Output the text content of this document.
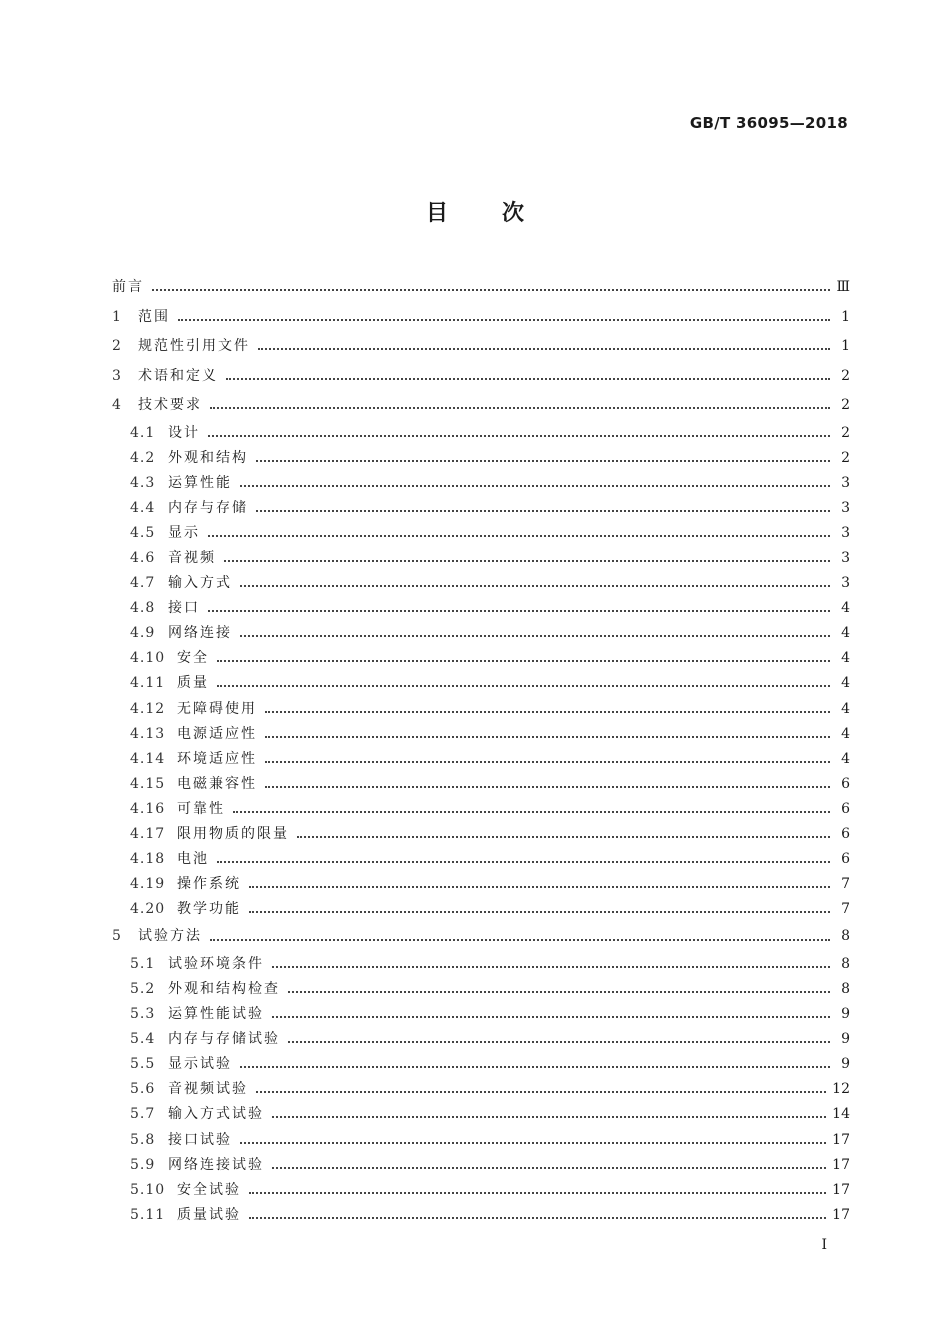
GB/T 36095—2018
目 次
前言	Ⅲ
1	范围	1
2	规范性引用文件	1
3	术语和定义	2
4	技术要求	2
4.1 设计	2
4.2 外观和结构	2
4.3 运算性能	3
4.4 内存与存储	3
4.5 显示	3
4.6 音视频	3
4.7 输入方式	3
4.8 接口	4
4.9 网络连接	4
4.10 安全	4
4.11 质量	4
4.12 无障碍使用	4
4.13 电源适应性	4
4.14 环境适应性	4
4.15 电磁兼容性	6
4.16 可靠性	6
4.17 限用物质的限量	6
4.18 电池	6
4.19 操作系统	7
4.20 教学功能	7
5	试验方法	8
5.1 试验环境条件	8
5.2 外观和结构检查	8
5.3 运算性能试验	9
5.4 内存与存储试验	9
5.5 显示试验	9
5.6 音视频试验	12
5.7 输入方式试验	14
5.8 接口试验	17
5.9 网络连接试验	17
5.10 安全试验	17
5.11 质量试验	17
I
